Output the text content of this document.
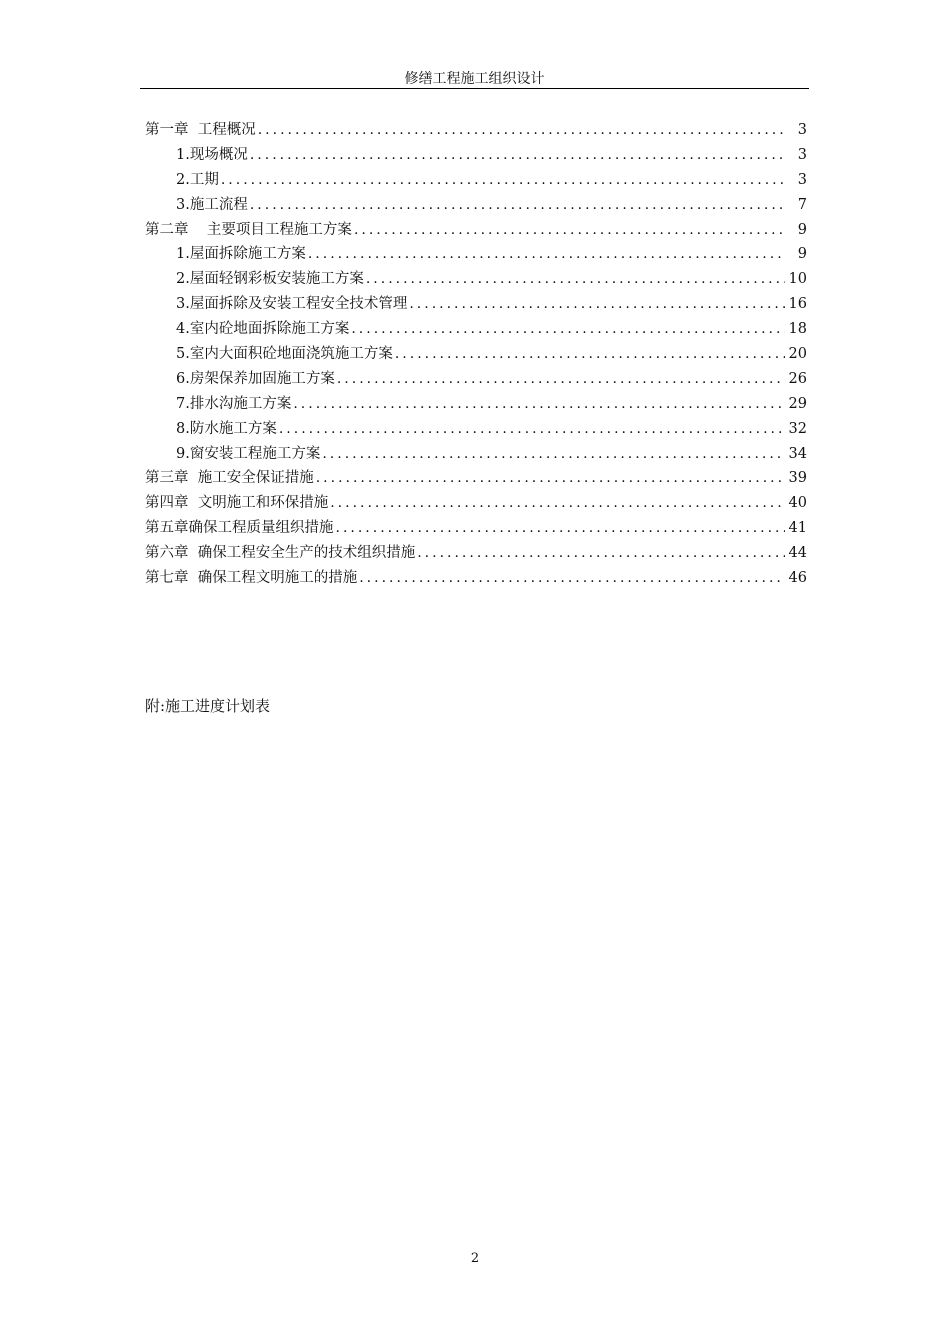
修缮工程施工组织设计
第一章  工程概况 .....	3
1.现场概况 .....	3
2.工期 .....	3
3.施工流程 .....	7
第二章    主要项目工程施工方案 .....	9
1.屋面拆除施工方案 .....	9
2.屋面轻钢彩板安装施工方案 .....	10
3.屋面拆除及安装工程安全技术管理 .....	16
4.室内砼地面拆除施工方案 .....	18
5.室内大面积砼地面浇筑施工方案 .....	20
6.房架保养加固施工方案 .....	26
7.排水沟施工方案 .....	29
8.防水施工方案 .....	32
9.窗安装工程施工方案 .....	34
第三章  施工安全保证措施 .....	39
第四章  文明施工和环保措施 .....	40
第五章确保工程质量组织措施 .....	41
第六章  确保工程安全生产的技术组织措施 .....	44
第七章  确保工程文明施工的措施 .....	46
附:施工进度计划表
2
